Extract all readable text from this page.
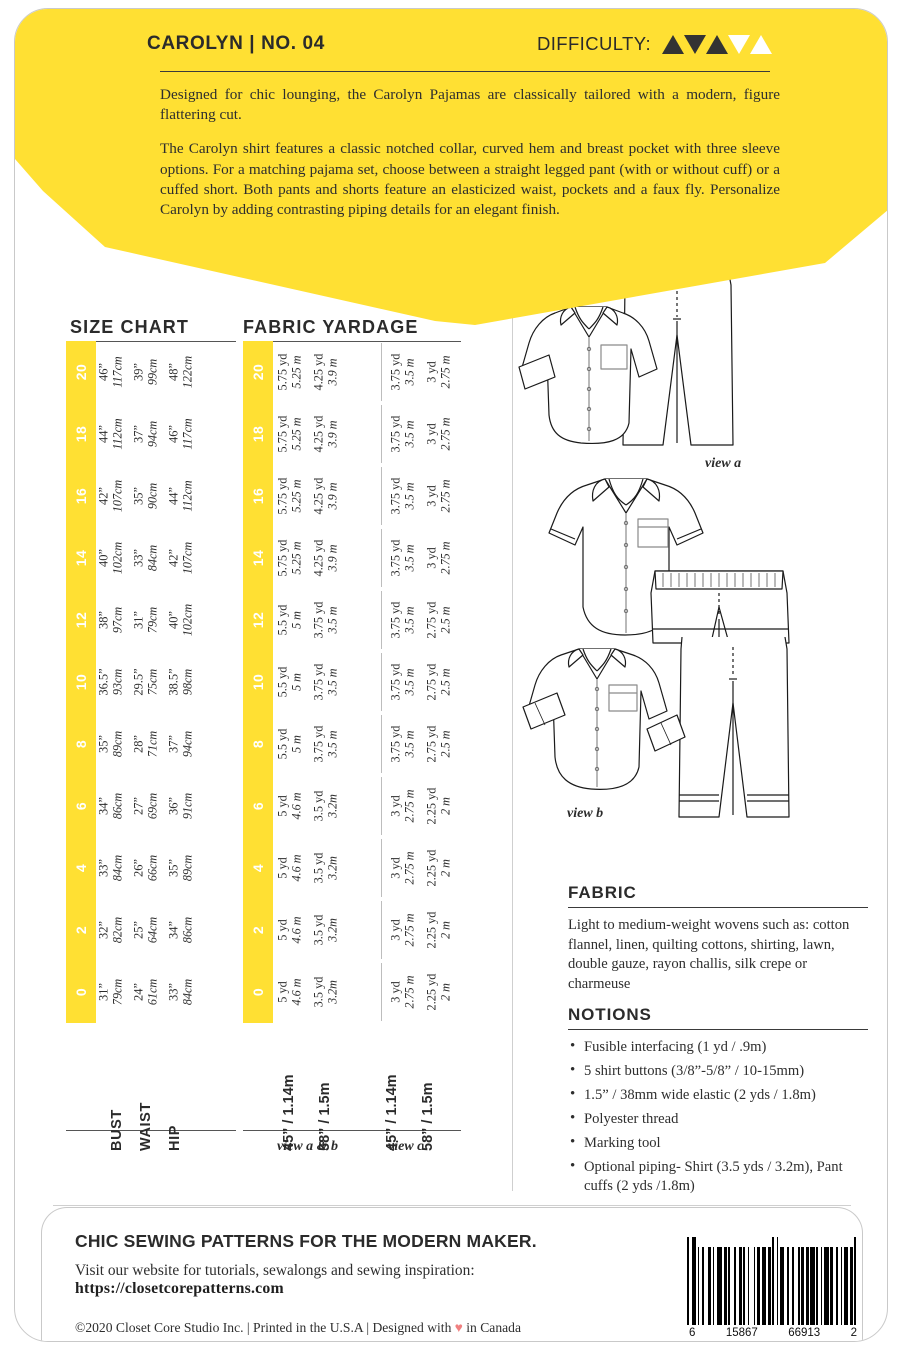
CAROLYN | NO. 04	DIFFICULTY:

Designed for chic lounging, the Carolyn Pajamas are classically tailored with a modern, figure flattering cut.

The Carolyn shirt features a classic notched collar, curved hem and breast pocket with three sleeve options. For a matching pajama set, choose between a straight legged pant (with or without cuff) or a cuffed short. Both pants and shorts feature an elasticized waist, pockets and a faux fly. Personalize Carolyn by adding contrasting piping details for an elegant finish.

SIZE CHART	FABRIC YARDAGE
20 46” 117cm 39” 99cm 48” 122cm
18 44” 112cm 37” 94cm 46” 117cm
16 42” 107cm 35” 90cm 44” 112cm
14 40” 102cm 33” 84cm 42” 107cm
12 38” 97cm 31” 79cm 40” 102cm
10 36.5” 93cm 29.5” 75cm 38.5” 98cm
8 35” 89cm 28” 71cm 37” 94cm
6 34” 86cm 27” 69cm 36” 91cm
4 33” 84cm 26” 66cm 35” 89cm
2 32” 82cm 25” 64cm 34” 86cm
0 31” 79cm 24” 61cm 33” 84cm
20 5.75 yd 5.25 m 4.25 yd 3.9 m	3.75 yd 3.5 m 3 yd 2.75 m
18 5.75 yd 5.25 m 4.25 yd 3.9 m	3.75 yd 3.5 m 3 yd 2.75 m
16 5.75 yd 5.25 m 4.25 yd 3.9 m	3.75 yd 3.5 m 3 yd 2.75 m
14 5.75 yd 5.25 m 4.25 yd 3.9 m	3.75 yd 3.5 m 3 yd 2.75 m
12 5.5 yd 5 m 3.75 yd 3.5 m	3.75 yd 3.5 m 2.75 yd 2.5 m
10 5.5 yd 5 m 3.75 yd 3.5 m	3.75 yd 3.5 m 2.75 yd 2.5 m
8 5.5 yd 5 m 3.75 yd 3.5 m	3.75 yd 3.5 m 2.75 yd 2.5 m
6 5 yd 4.6 m 3.5 yd 3.2m	3 yd 2.75 m 2.25 yd 2 m
4 5 yd 4.6 m 3.5 yd 3.2m	3 yd 2.75 m 2.25 yd 2 m
2 5 yd 4.6 m 3.5 yd 3.2m	3 yd 2.75 m 2.25 yd 2 m
0 5 yd 4.6 m 3.5 yd 3.2m	3 yd 2.75 m 2.25 yd 2 m
BUST WAIST HIP	45” / 1.14m 58” / 1.5m	45” / 1.14m 58” / 1.5m
view a & b	view c
view a
view b
FABRIC
Light to medium-weight wovens such as: cotton flannel, linen, quilting cottons, shirting, lawn, double gauze, rayon challis, silk crepe or charmeuse
NOTIONS
• Fusible interfacing (1 yd / .9m)
• 5 shirt buttons (3/8”-5/8” / 10-15mm)
• 1.5” / 38mm wide elastic (2 yds / 1.8m)
• Polyester thread
• Marking tool
• Optional piping- Shirt (3.5 yds / 3.2m), Pant cuffs (2 yds /1.8m)
CHIC SEWING PATTERNS FOR THE MODERN MAKER.
Visit our website for tutorials, sewalongs and sewing inspiration:
https://closetcorepatterns.com
©2020 Closet Core Studio Inc. | Printed in the U.S.A | Designed with ♥ in Canada	6	15867	66913	2
